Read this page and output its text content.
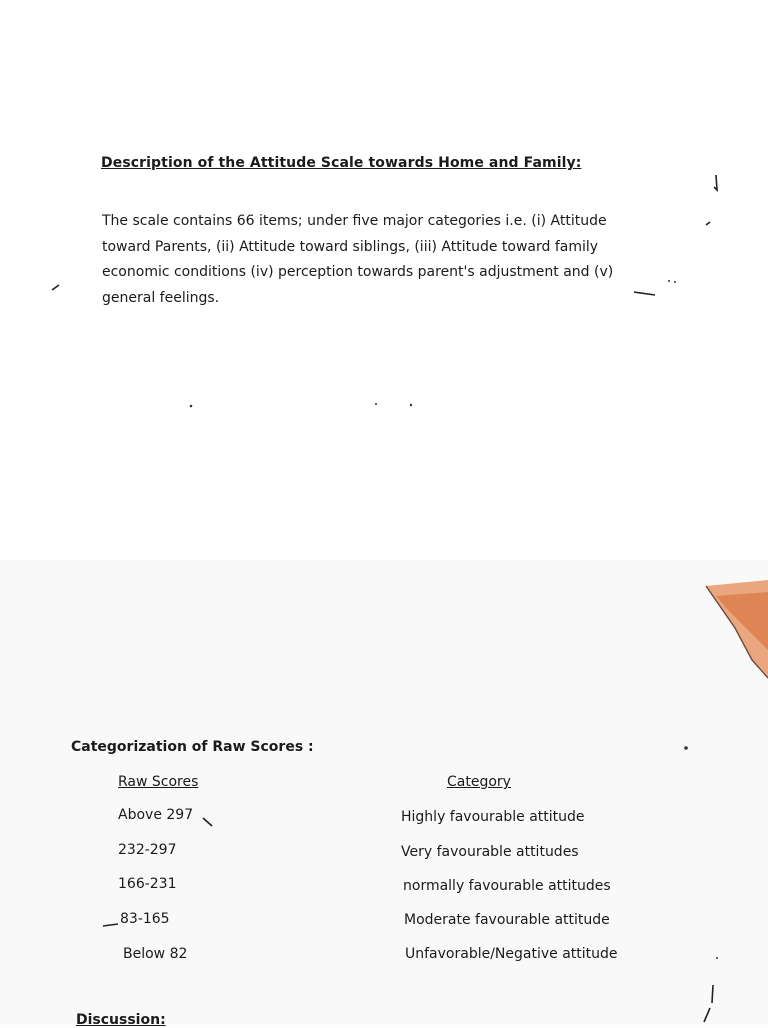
Description of the Attitude Scale towards Home and Family:
The scale contains 66 items; under five major categories i.e. (i) Attitude
toward Parents, (ii) Attitude toward siblings, (iii) Attitude toward family
economic conditions (iv) perception towards parent's adjustment and (v)
general feelings.
Categorization of Raw Scores :
Raw Scores	Category
Above 297	Highly favourable attitude
232-297	Very favourable attitudes
166-231	normally favourable attitudes
83-165	Moderate favourable attitude
Below 82	Unfavorable/Negative attitude
Discussion:
